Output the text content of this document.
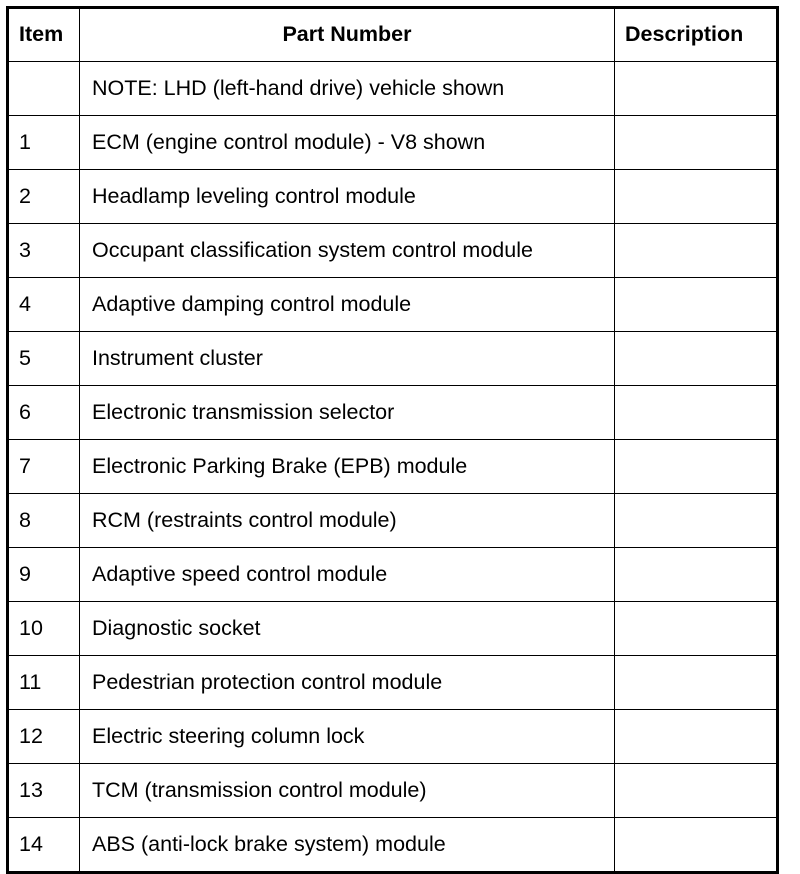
Item	Part Number	Description
	NOTE: LHD (left-hand drive) vehicle shown	
1	ECM (engine control module) - V8 shown	
2	Headlamp leveling control module	
3	Occupant classification system control module	
4	Adaptive damping control module	
5	Instrument cluster	
6	Electronic transmission selector	
7	Electronic Parking Brake (EPB) module	
8	RCM (restraints control module)	
9	Adaptive speed control module	
10	Diagnostic socket	
11	Pedestrian protection control module	
12	Electric steering column lock	
13	TCM (transmission control module)	
14	ABS (anti-lock brake system) module	
